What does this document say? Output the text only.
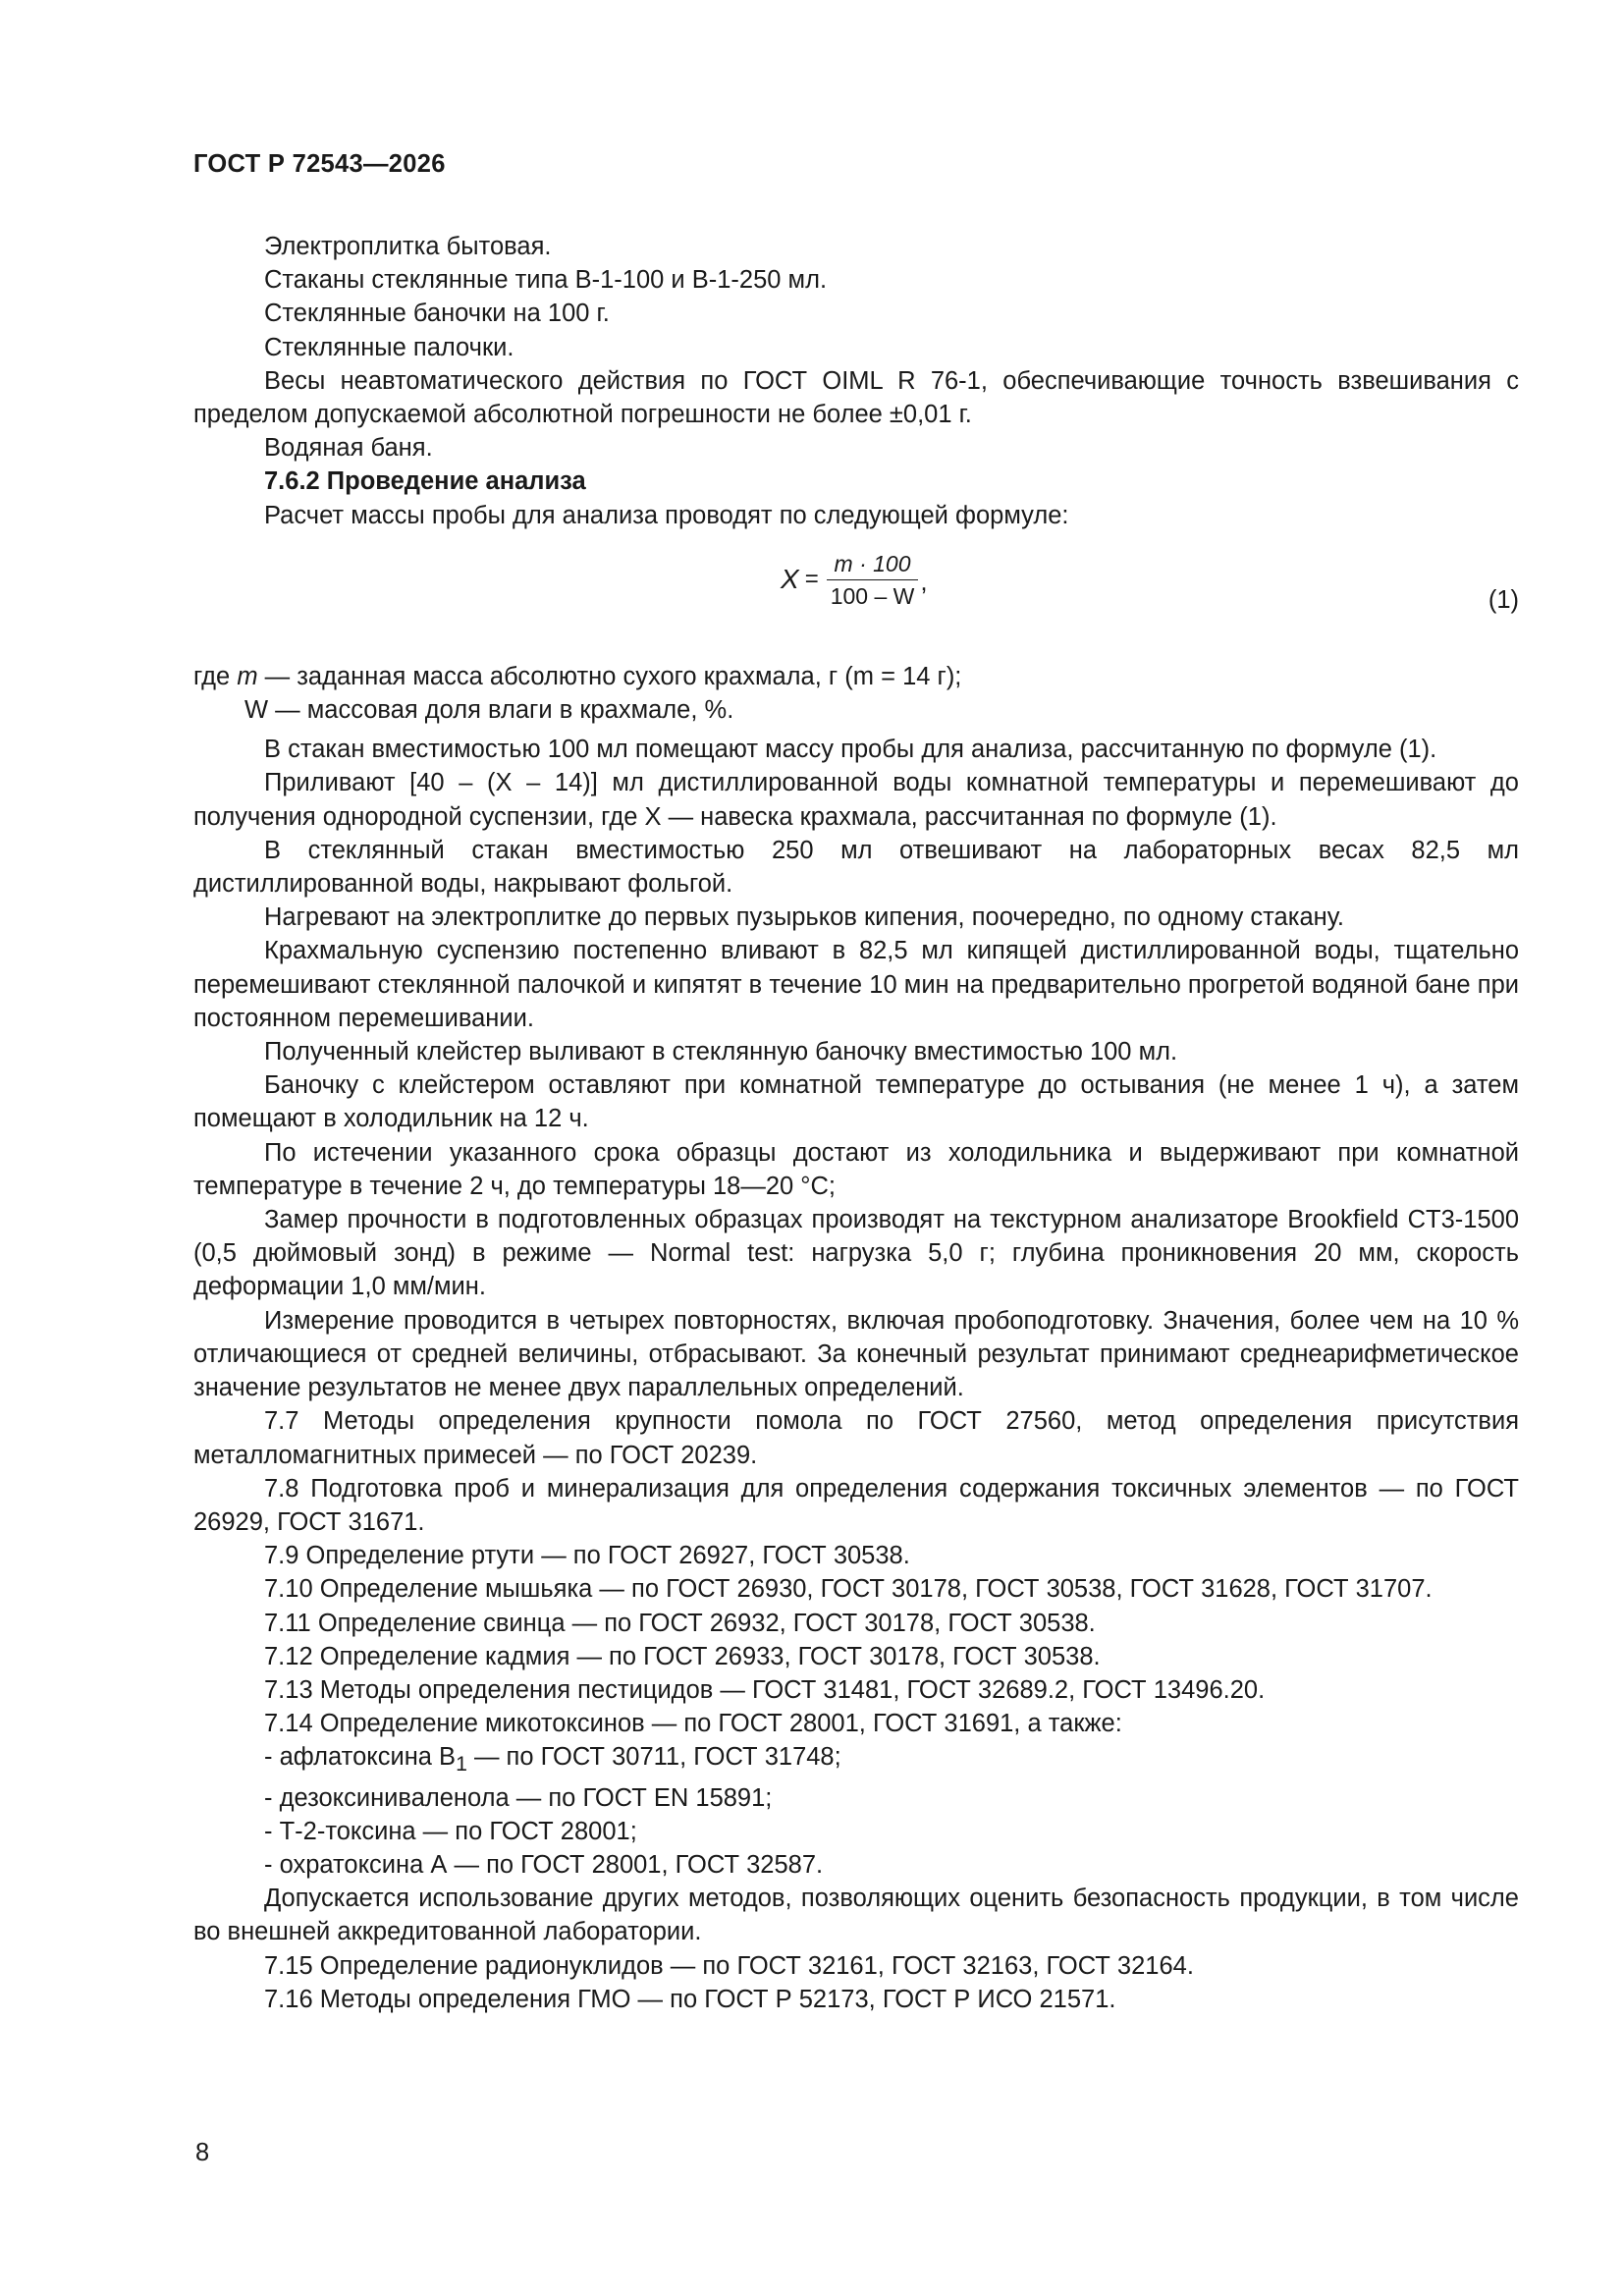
ГОСТ Р 72543—2026

Электроплитка бытовая.

Стаканы стеклянные типа В-1-100 и В-1-250 мл.

Стеклянные баночки на 100 г.

Стеклянные палочки.

Весы неавтоматического действия по ГОСТ OIML R 76-1, обеспечивающие точность взвешивания с пределом допускаемой абсолютной погрешности не более ±0,01 г.

Водяная баня.

7.6.2 Проведение анализа

Расчет массы пробы для анализа проводят по следующей формуле:

$X = \frac{m \cdot 100}{100 - W}$ ,
(1)

где m — заданная масса абсолютно сухого крахмала, г (m = 14 г);

W — массовая доля влаги в крахмале, %.

В стакан вместимостью 100 мл помещают массу пробы для анализа, рассчитанную по формуле (1).

Приливают [40 – (X – 14)] мл дистиллированной воды комнатной температуры и перемешивают до получения однородной суспензии, где X — навеска крахмала, рассчитанная по формуле (1).

В стеклянный стакан вместимостью 250 мл отвешивают на лабораторных весах 82,5 мл дистиллированной воды, накрывают фольгой.

Нагревают на электроплитке до первых пузырьков кипения, поочередно, по одному стакану.

Крахмальную суспензию постепенно вливают в 82,5 мл кипящей дистиллированной воды, тщательно перемешивают стеклянной палочкой и кипятят в течение 10 мин на предварительно прогретой водяной бане при постоянном перемешивании.

Полученный клейстер выливают в стеклянную баночку вместимостью 100 мл.

Баночку с клейстером оставляют при комнатной температуре до остывания (не менее 1 ч), а затем помещают в холодильник на 12 ч.

По истечении указанного срока образцы достают из холодильника и выдерживают при комнатной температуре в течение 2 ч, до температуры 18—20 °С;

Замер прочности в подготовленных образцах производят на текстурном анализаторе Brookfield CT3-1500 (0,5 дюймовый зонд) в режиме — Normal test: нагрузка 5,0 г; глубина проникновения 20 мм, скорость деформации 1,0 мм/мин.

Измерение проводится в четырех повторностях, включая пробоподготовку. Значения, более чем на 10 % отличающиеся от средней величины, отбрасывают. За конечный результат принимают среднеарифметическое значение результатов не менее двух параллельных определений.

7.7 Методы определения крупности помола по ГОСТ 27560, метод определения присутствия металломагнитных примесей — по ГОСТ 20239.

7.8 Подготовка проб и минерализация для определения содержания токсичных элементов — по ГОСТ 26929, ГОСТ 31671.

7.9 Определение ртути — по ГОСТ 26927, ГОСТ 30538.

7.10 Определение мышьяка — по ГОСТ 26930, ГОСТ 30178, ГОСТ 30538, ГОСТ 31628, ГОСТ 31707.

7.11 Определение свинца — по ГОСТ 26932, ГОСТ 30178, ГОСТ 30538.

7.12 Определение кадмия — по ГОСТ 26933, ГОСТ 30178, ГОСТ 30538.

7.13 Методы определения пестицидов — ГОСТ 31481, ГОСТ 32689.2, ГОСТ 13496.20.

7.14 Определение микотоксинов — по ГОСТ 28001, ГОСТ 31691, а также:

- афлатоксина $В_1$ — по ГОСТ 30711, ГОСТ 31748;

- дезоксиниваленола — по ГОСТ EN 15891;

- Т-2-токсина — по ГОСТ 28001;

- охратоксина А — по ГОСТ 28001, ГОСТ 32587.

Допускается использование других методов, позволяющих оценить безопасность продукции, в том числе во внешней аккредитованной лаборатории.

7.15 Определение радионуклидов — по ГОСТ 32161, ГОСТ 32163, ГОСТ 32164.

7.16 Методы определения ГМО — по ГОСТ Р 52173, ГОСТ Р ИСО 21571.

8
